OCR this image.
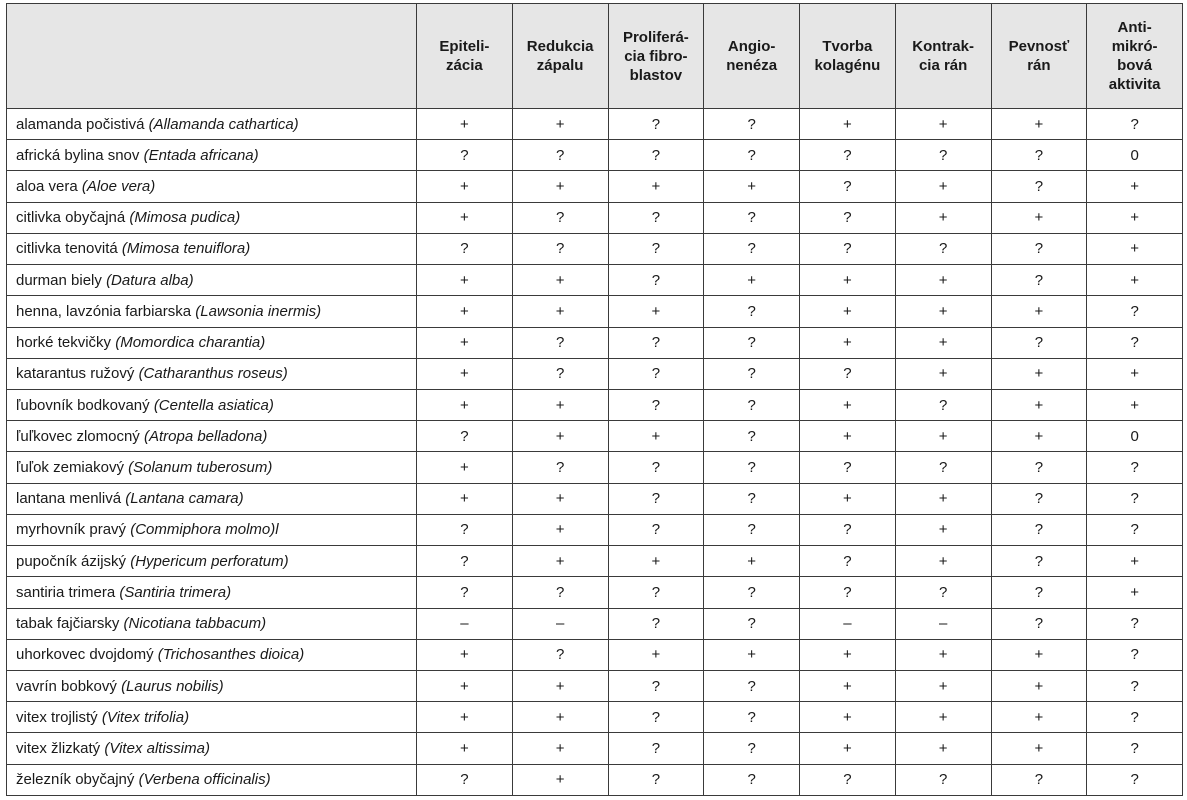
	Epiteli-
zácia	Redukcia
zápalu	Proliferá-
cia fibro-
blastov	Angio-
nenéza	Tvorba
kolagénu	Kontrak-
cia rán	Pevnosť
rán	Anti-
mikró-
bová
aktivita
alamanda počistivá (Allamanda cathartica)	+	+	?	?	+	+	+	?
africká bylina snov (Entada africana)	?	?	?	?	?	?	?	0
aloa vera (Aloe vera)	+	+	+	+	?	+	?	+
citlivka obyčajná (Mimosa pudica)	+	?	?	?	?	+	+	+
citlivka tenovitá (Mimosa tenuiflora)	?	?	?	?	?	?	?	+
durman biely (Datura alba)	+	+	?	+	+	+	?	+
henna, lavzónia farbiarska (Lawsonia inermis)	+	+	+	?	+	+	+	?
horké tekvičky (Momordica charantia)	+	?	?	?	+	+	?	?
katarantus ružový (Catharanthus roseus)	+	?	?	?	?	+	+	+
ľubovník bodkovaný (Centella asiatica)	+	+	?	?	+	?	+	+
ľuľkovec zlomocný (Atropa belladona)	?	+	+	?	+	+	+	0
ľuľok zemiakový (Solanum tuberosum)	+	?	?	?	?	?	?	?
lantana menlivá (Lantana camara)	+	+	?	?	+	+	?	?
myrhovník pravý (Commiphora molmo)l	?	+	?	?	?	+	?	?
pupočník ázijský (Hypericum perforatum)	?	+	+	+	?	+	?	+
santiria trimera (Santiria trimera)	?	?	?	?	?	?	?	+
tabak fajčiarsky (Nicotiana tabbacum)	–	–	?	?	–	–	?	?
uhorkovec dvojdomý (Trichosanthes dioica)	+	?	+	+	+	+	+	?
vavrín bobkový (Laurus nobilis)	+	+	?	?	+	+	+	?
vitex trojlistý (Vitex trifolia)	+	+	?	?	+	+	+	?
vitex žlizkatý (Vitex altissima)	+	+	?	?	+	+	+	?
železník obyčajný (Verbena officinalis)	?	+	?	?	?	?	?	?
